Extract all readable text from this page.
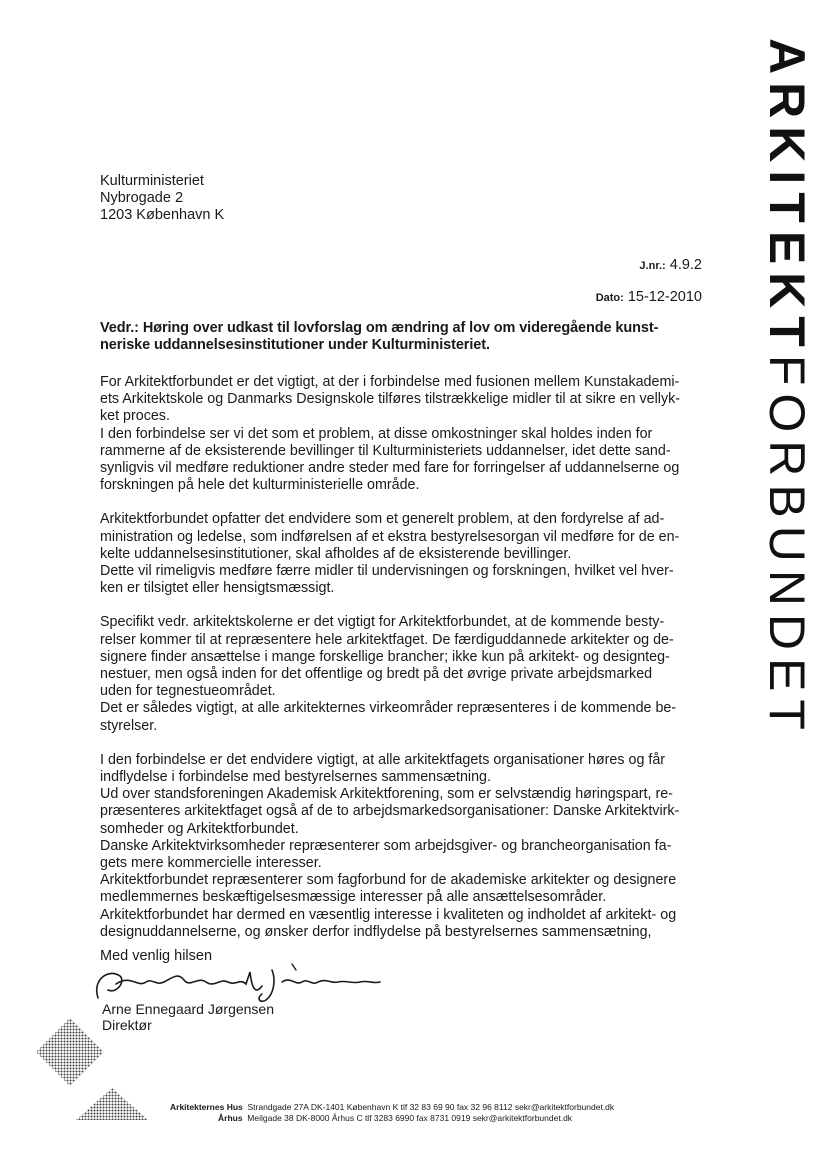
Kulturministeriet
Nybrogade 2
1203 København K
J.nr.: 4.9.2
Dato: 15-12-2010
Vedr.: Høring over udkast til lovforslag om ændring af lov om videregående kunst-
neriske uddannelsesinstitutioner under Kulturministeriet.
For Arkitektforbundet er det vigtigt, at der i forbindelse med fusionen mellem Kunstakademi-
ets Arkitektskole og Danmarks Designskole tilføres tilstrækkelige midler til at sikre en vellyk-
ket proces.
I den forbindelse ser vi det som et problem, at disse omkostninger skal holdes inden for
rammerne af de eksisterende bevillinger til Kulturministeriets uddannelser, idet dette sand-
synligvis vil medføre reduktioner andre steder med fare for forringelser af uddannelserne og
forskningen på hele det kulturministerielle område.
Arkitektforbundet opfatter det endvidere som et generelt problem, at den fordyrelse af ad-
ministration og ledelse, som indførelsen af et ekstra bestyrelsesorgan vil medføre for de en-
kelte uddannelsesinstitutioner, skal afholdes af de eksisterende bevillinger.
Dette vil rimeligvis medføre færre midler til undervisningen og forskningen, hvilket vel hver-
ken er tilsigtet eller hensigtsmæssigt.
Specifikt vedr. arkitektskolerne er det vigtigt for Arkitektforbundet, at de kommende besty-
relser kommer til at repræsentere hele arkitektfaget. De færdiguddannede arkitekter og de-
signere finder ansættelse i mange forskellige brancher; ikke kun på arkitekt- og designteg-
nestuer, men også inden for det offentlige og bredt på det øvrige private arbejdsmarked
uden for tegnestueområdet.
Det er således vigtigt, at alle arkitekternes virkeområder repræsenteres i de kommende be-
styrelser.
I den forbindelse er det endvidere vigtigt, at alle arkitektfagets organisationer høres og får
indflydelse i forbindelse med bestyrelsernes sammensætning.
Ud over standsforeningen Akademisk Arkitektforening, som er selvstændig høringspart, re-
præsenteres arkitektfaget også af de to arbejdsmarkedsorganisationer: Danske Arkitektvirk-
somheder og Arkitektforbundet.
Danske Arkitektvirksomheder repræsenterer som arbejdsgiver- og brancheorganisation fa-
gets mere kommercielle interesser.
Arkitektforbundet repræsenterer som fagforbund for de akademiske arkitekter og designere
medlemmernes beskæftigelsesmæssige interesser på alle ansættelsesområder.
Arkitektforbundet har dermed en væsentlig interesse i kvaliteten og indholdet af arkitekt- og
designuddannelserne, og ønsker derfor indflydelse på bestyrelsernes sammensætning,
Med venlig hilsen
Arne Ennegaard Jørgensen
Direktør
ARKITEKTFORBUNDET
Arkitekternes Hus Strandgade 27A DK-1401 København K tlf 32 83 69 90 fax 32 96 8112 sekr@arkitektforbundet.dk
Århus Meilgade 38 DK-8000 Århus C tlf 3283 6990 fax 8731 0919 sekr@arkitektforbundet.dk
